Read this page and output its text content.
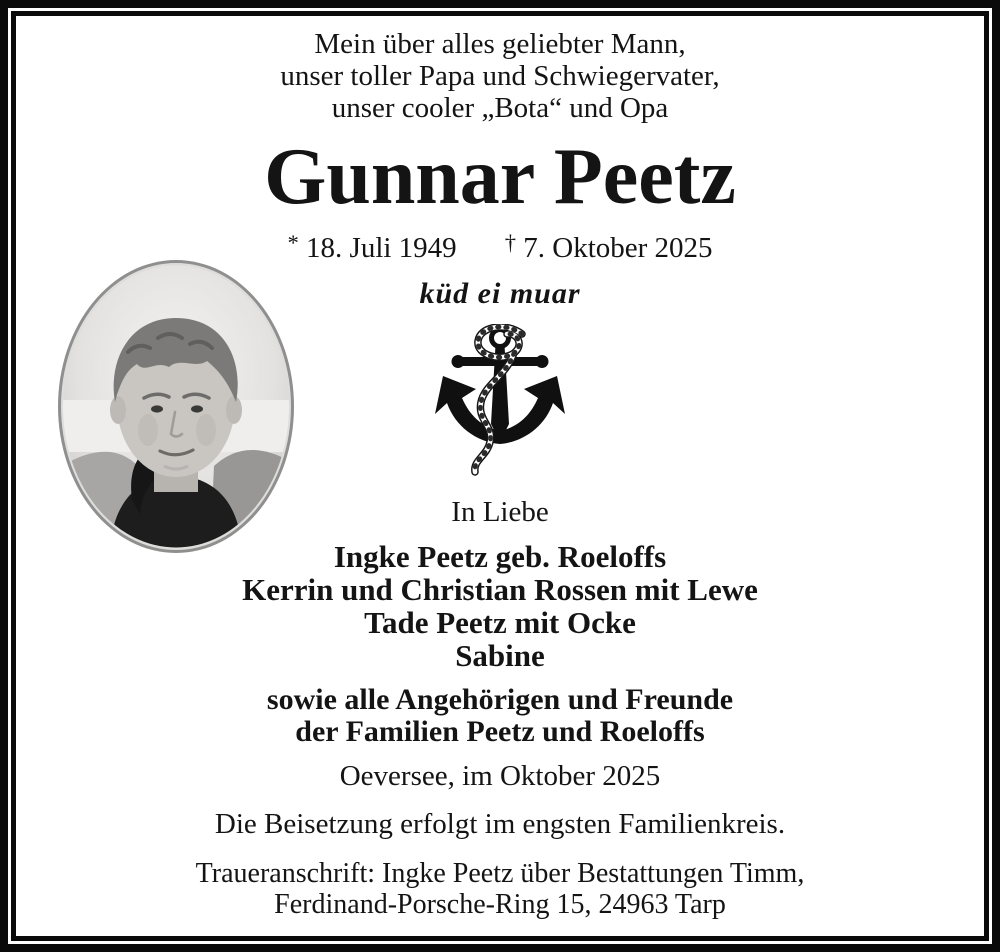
Mein über alles geliebter Mann,
unser toller Papa und Schwiegervater,
unser cooler „Bota“ und Opa
Gunnar Peetz
* 18. Juli 1949 † 7. Oktober 2025
küd ei muar
In Liebe
Ingke Peetz geb. Roeloffs
Kerrin und Christian Rossen mit Lewe
Tade Peetz mit Ocke
Sabine
sowie alle Angehörigen und Freunde
der Familien Peetz und Roeloffs
Oeversee, im Oktober 2025
Die Beisetzung erfolgt im engsten Familienkreis.
Traueranschrift: Ingke Peetz über Bestattungen Timm,
Ferdinand-Porsche-Ring 15, 24963 Tarp
